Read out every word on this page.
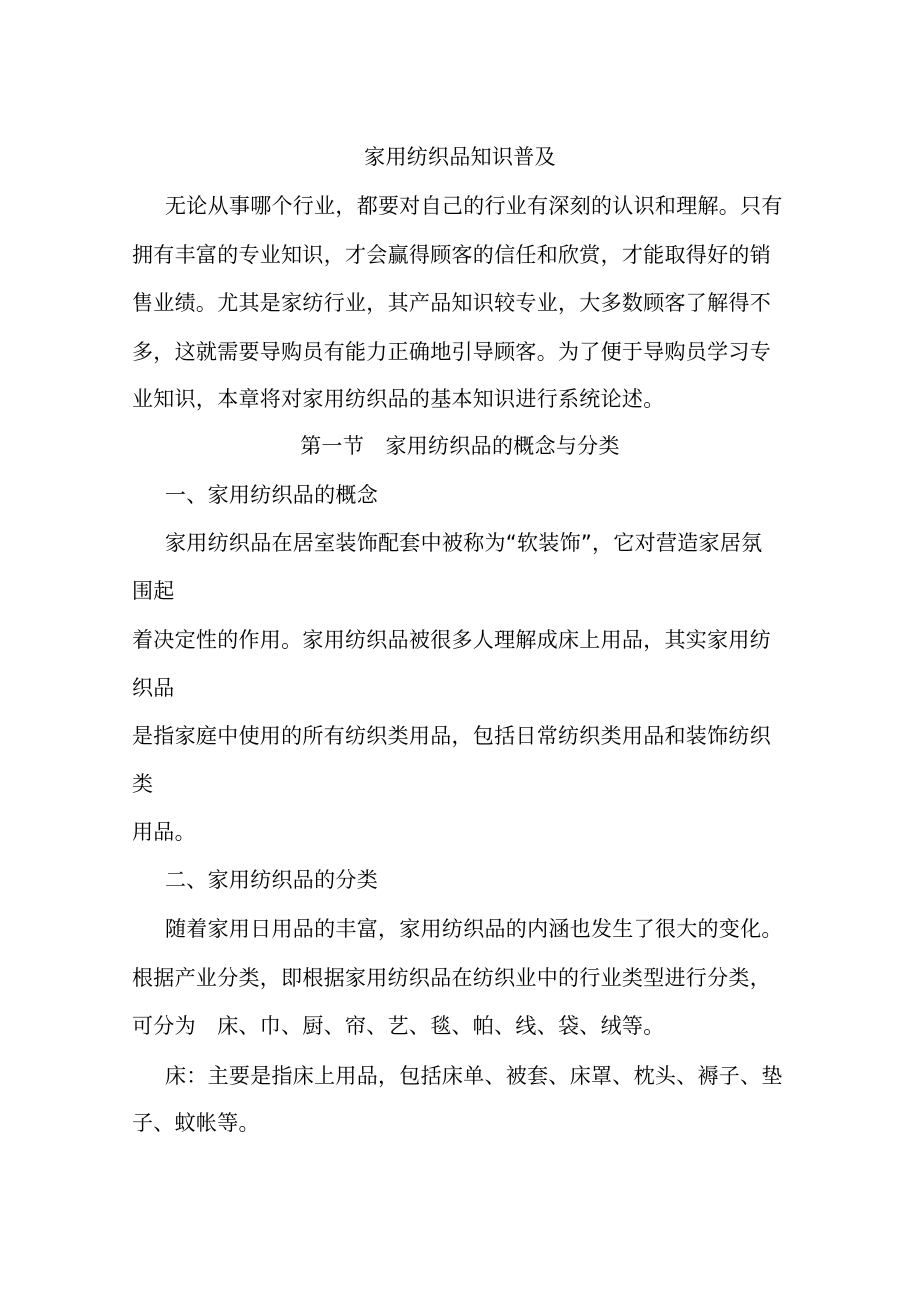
家用纺织品知识普及
无论从事哪个行业，都要对自己的行业有深刻的认识和理解。只有
拥有丰富的专业知识，才会赢得顾客的信任和欣赏，才能取得好的销
售业绩。尤其是家纺行业，其产品知识较专业，大多数顾客了解得不
多，这就需要导购员有能力正确地引导顾客。为了便于导购员学习专
业知识，本章将对家用纺织品的基本知识进行系统论述。
第一节　家用纺织品的概念与分类
一、家用纺织品的概念
家用纺织品在居室装饰配套中被称为“软装饰”，它对营造家居氛
围起
着决定性的作用。家用纺织品被很多人理解成床上用品，其实家用纺
织品
是指家庭中使用的所有纺织类用品，包括日常纺织类用品和装饰纺织
类
用品。
二、家用纺织品的分类
随着家用日用品的丰富，家用纺织品的内涵也发生了很大的变化。
根据产业分类，即根据家用纺织品在纺织业中的行业类型进行分类，
可分为　床、巾、厨、帘、艺、毯、帕、线、袋、绒等。
床：主要是指床上用品，包括床单、被套、床罩、枕头、褥子、垫
子、蚊帐等。
